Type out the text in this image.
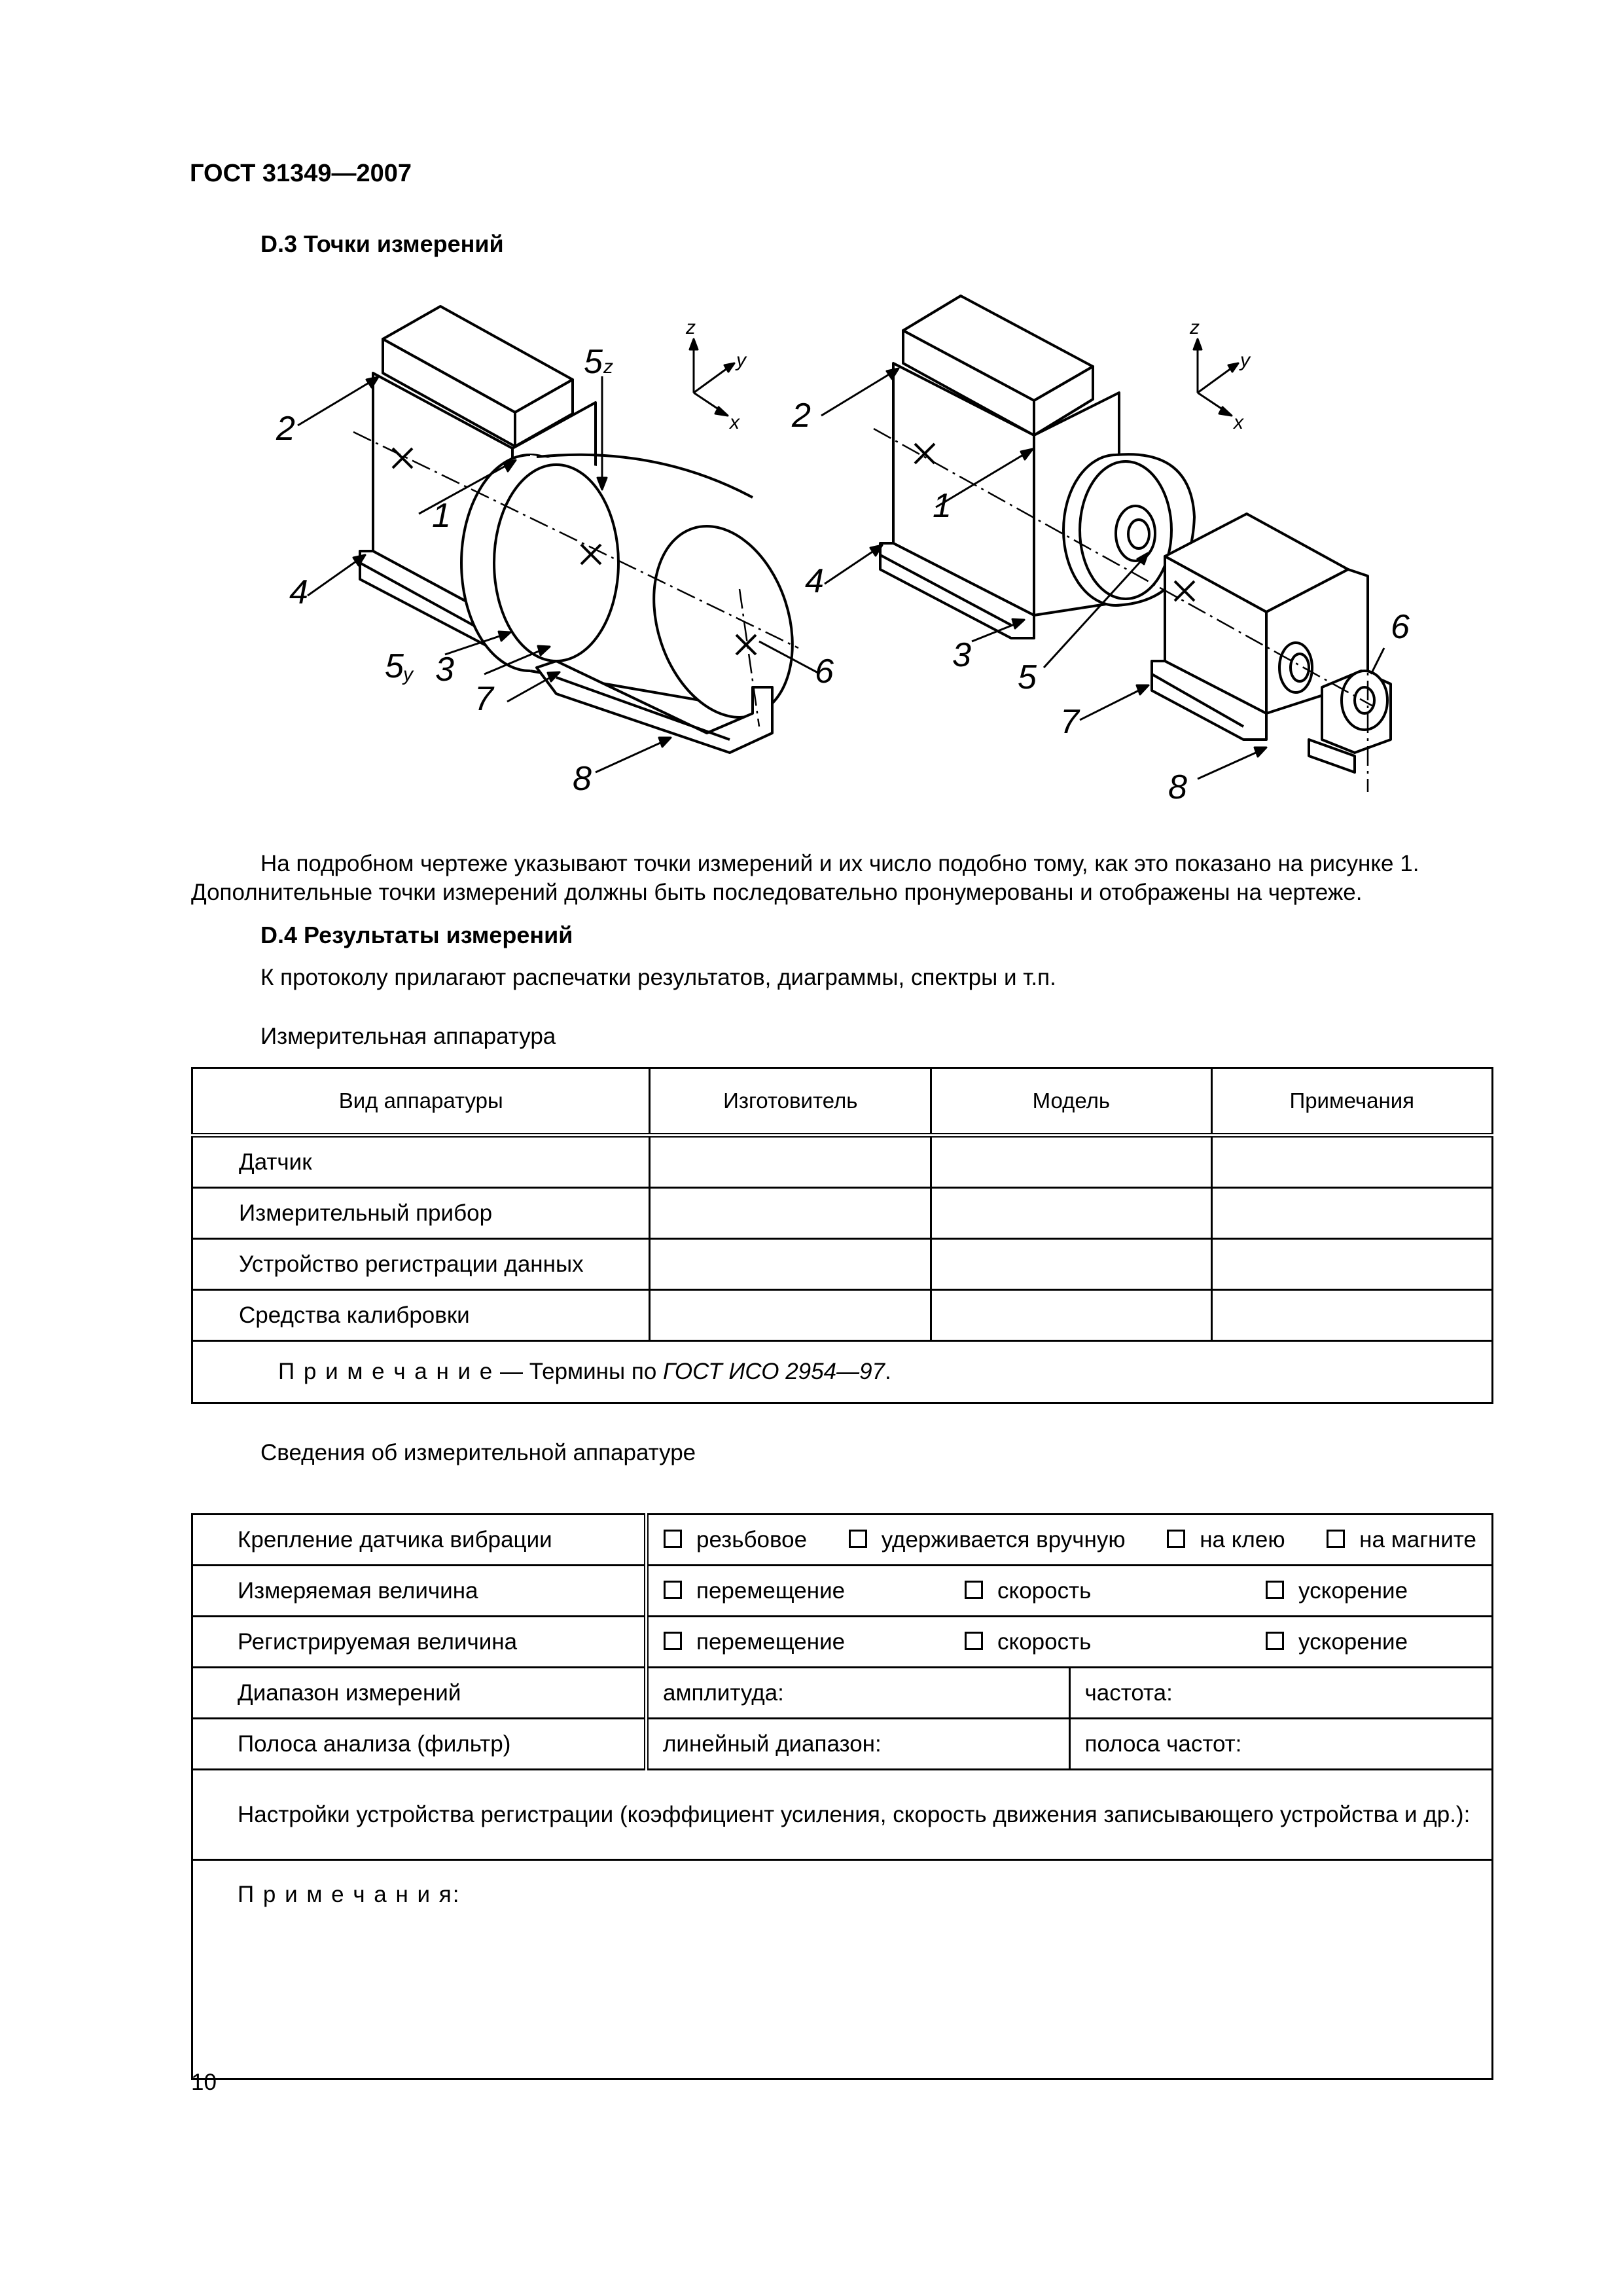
ГОСТ 31349—2007
D.3 Точки измерений
1
2
3
4
5 z
5 y	6
7
8
z
y
x
1
2
3
4
5
6
7
8
z
y
x
На подробном чертеже указывают точки измерений и их число подобно тому, как это показано на рисунке 1.
Дополнительные точки измерений должны быть последовательно пронумерованы и отображены на чертеже.
D.4 Результаты измерений
К протоколу прилагают распечатки результатов, диаграммы, спектры и т.п.
Измерительная аппаратура
Вид аппаратуры	Изготовитель	Модель	Примечания
Датчик			
Измерительный прибор			
Устройство регистрации данных			
Средства калибровки			
П р и м е ч а н и е — Термины по ГОСТ ИСО 2954—97.			
Сведения об измерительной аппаратуре
Крепление датчика вибрации	резьбовое удерживается вручную на клею на магните	

Измеряемая величина	перемещение скорость ускорение	

Регистрируемая величина	перемещение скорость ускорение	

Диапазон измерений	амплитуда:	частота:
Полоса анализа (фильтр)	линейный диапазон:	полоса частот:
Настройки устройства регистрации (коэффициент усиления, скорость движения записывающего устройства и др.):		
П р и м е ч а н и я:		
10
